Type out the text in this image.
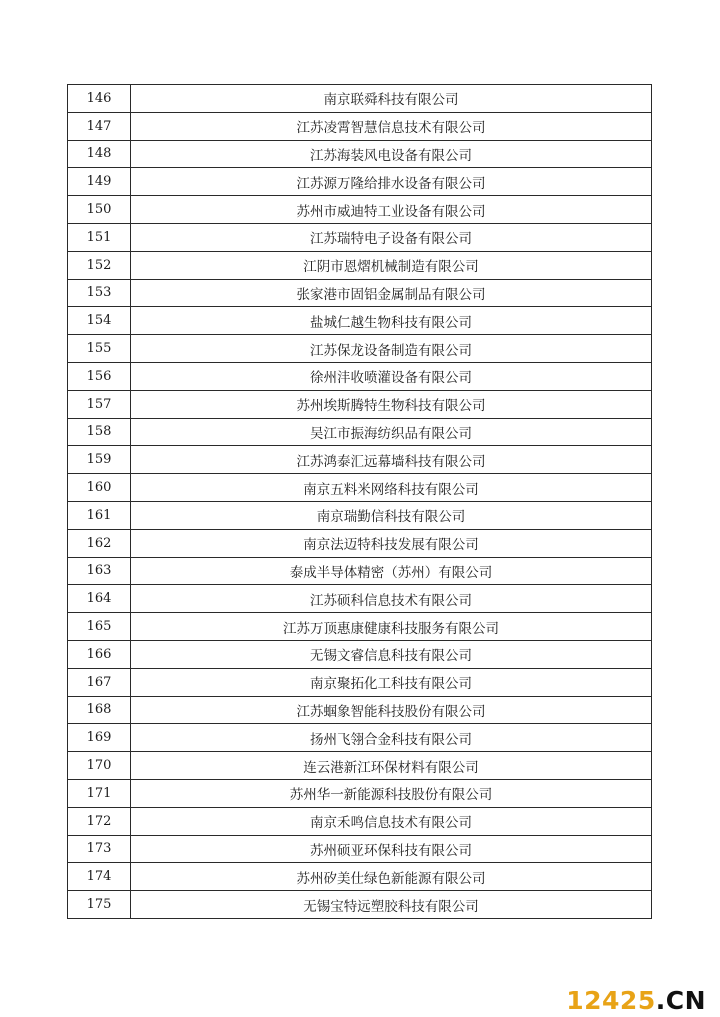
146	南京联舜科技有限公司
147	江苏凌霄智慧信息技术有限公司
148	江苏海装风电设备有限公司
149	江苏源万隆给排水设备有限公司
150	苏州市威迪特工业设备有限公司
151	江苏瑞特电子设备有限公司
152	江阴市恩熠机械制造有限公司
153	张家港市固铝金属制品有限公司
154	盐城仁越生物科技有限公司
155	江苏保龙设备制造有限公司
156	徐州沣收喷灌设备有限公司
157	苏州埃斯腾特生物科技有限公司
158	吴江市振海纺织品有限公司
159	江苏鸿泰汇远幕墙科技有限公司
160	南京五料米网络科技有限公司
161	南京瑞勤信科技有限公司
162	南京法迈特科技发展有限公司
163	泰成半导体精密（苏州）有限公司
164	江苏硕科信息技术有限公司
165	江苏万顶惠康健康科技服务有限公司
166	无锡文睿信息科技有限公司
167	南京聚拓化工科技有限公司
168	江苏蝈象智能科技股份有限公司
169	扬州飞翎合金科技有限公司
170	连云港新江环保材料有限公司
171	苏州华一新能源科技股份有限公司
172	南京禾鸣信息技术有限公司
173	苏州硕亚环保科技有限公司
174	苏州矽美仕绿色新能源有限公司
175	无锡宝特远塑胶科技有限公司
12425.CN
